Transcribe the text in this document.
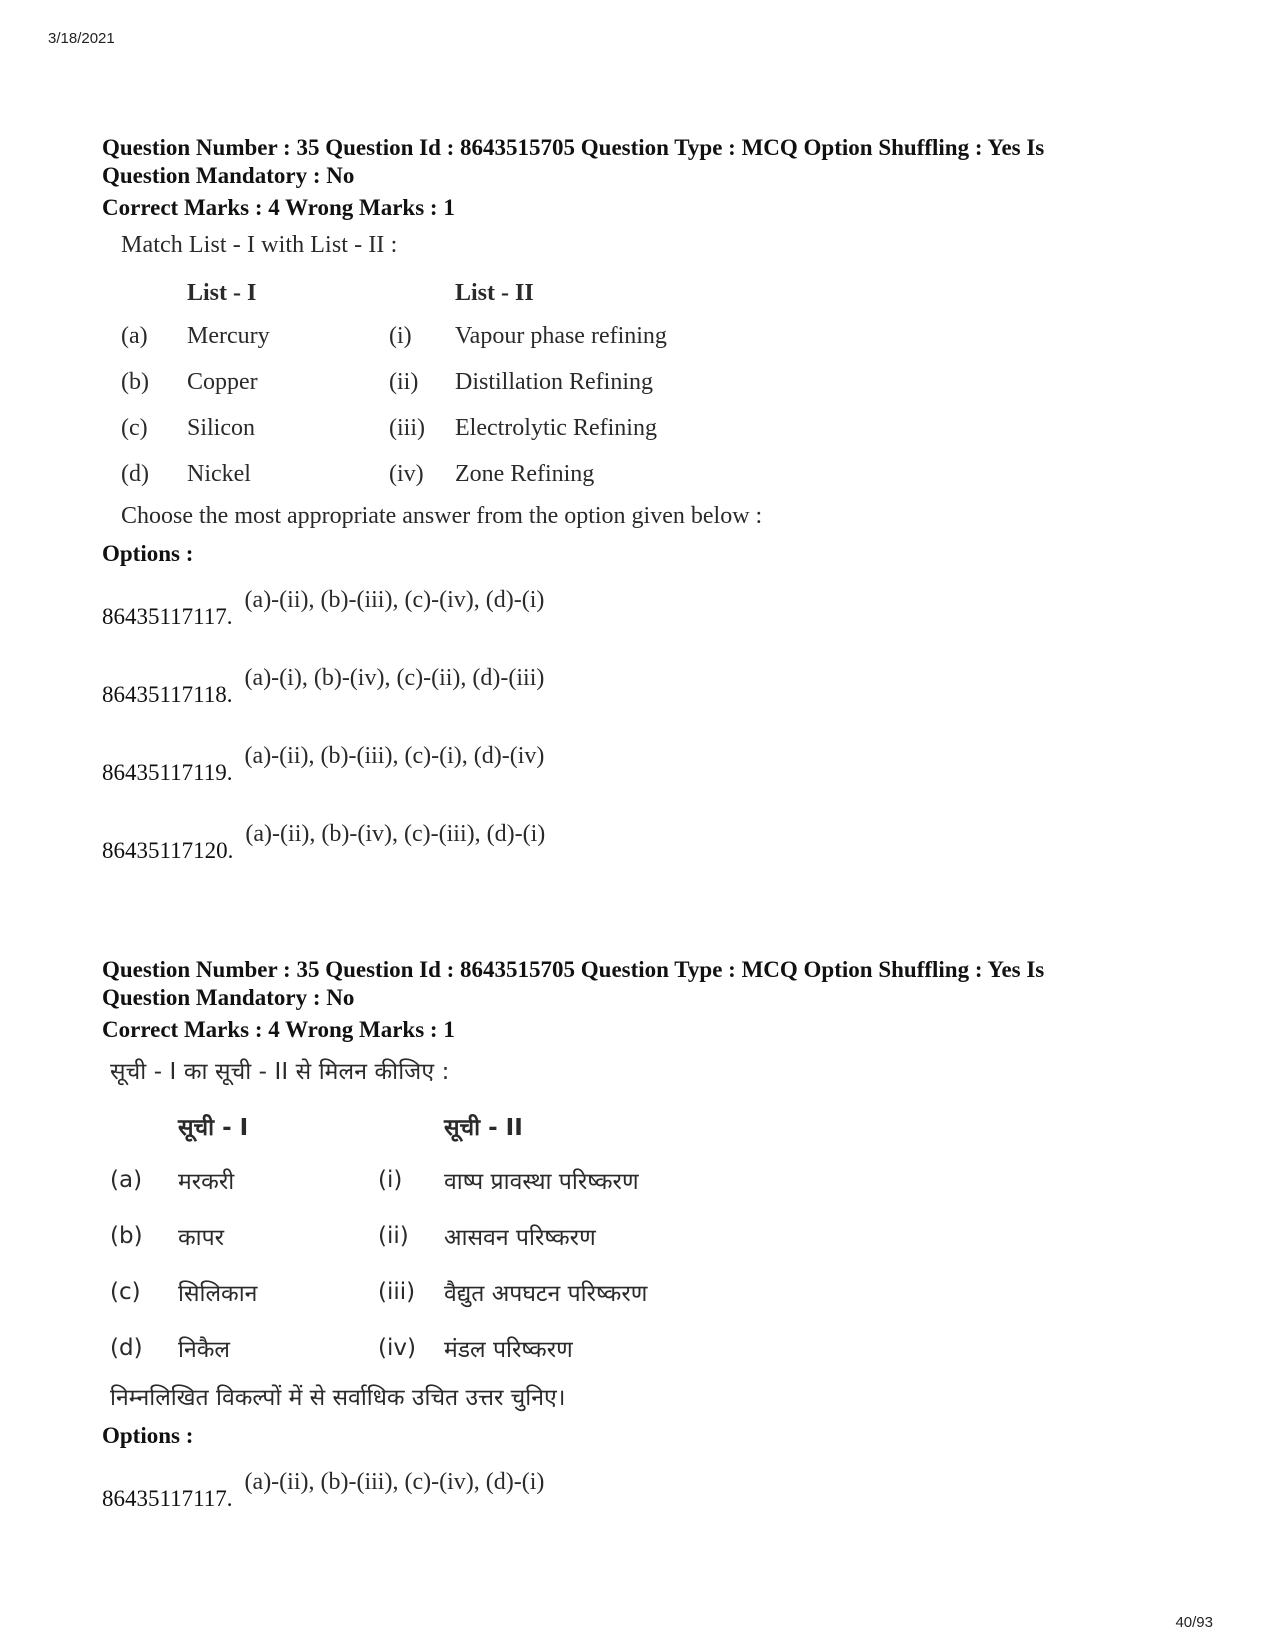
3/18/2021
Question Number : 35 Question Id : 8643515705 Question Type : MCQ Option Shuffling : Yes Is Question Mandatory : No
Correct Marks : 4 Wrong Marks : 1
Match List - I with List - II :
	List - I		List - II
(a)	Mercury	(i)	Vapour phase refining
(b)	Copper	(ii)	Distillation Refining
(c)	Silicon	(iii)	Electrolytic Refining
(d)	Nickel	(iv)	Zone Refining
Choose the most appropriate answer from the option given below :
Options :
86435117117.
(a)-(ii), (b)-(iii), (c)-(iv), (d)-(i)
86435117118.
(a)-(i), (b)-(iv), (c)-(ii), (d)-(iii)
86435117119.
(a)-(ii), (b)-(iii), (c)-(i), (d)-(iv)
86435117120.
(a)-(ii), (b)-(iv), (c)-(iii), (d)-(i)
Question Number : 35 Question Id : 8643515705 Question Type : MCQ Option Shuffling : Yes Is Question Mandatory : No
Correct Marks : 4 Wrong Marks : 1
सूची - I का सूची - II से मिलन कीजिए :
	सूची - I		सूची - II
(a)	मरकरी	(i)	वाष्प प्रावस्था परिष्करण
(b)	कापर	(ii)	आसवन परिष्करण
(c)	सिलिकान	(iii)	वैद्युत अपघटन परिष्करण
(d)	निकैल	(iv)	मंडल परिष्करण
निम्नलिखित विकल्पों में से सर्वाधिक उचित उत्तर चुनिए।
Options :
86435117117.
(a)-(ii), (b)-(iii), (c)-(iv), (d)-(i)
40/93
